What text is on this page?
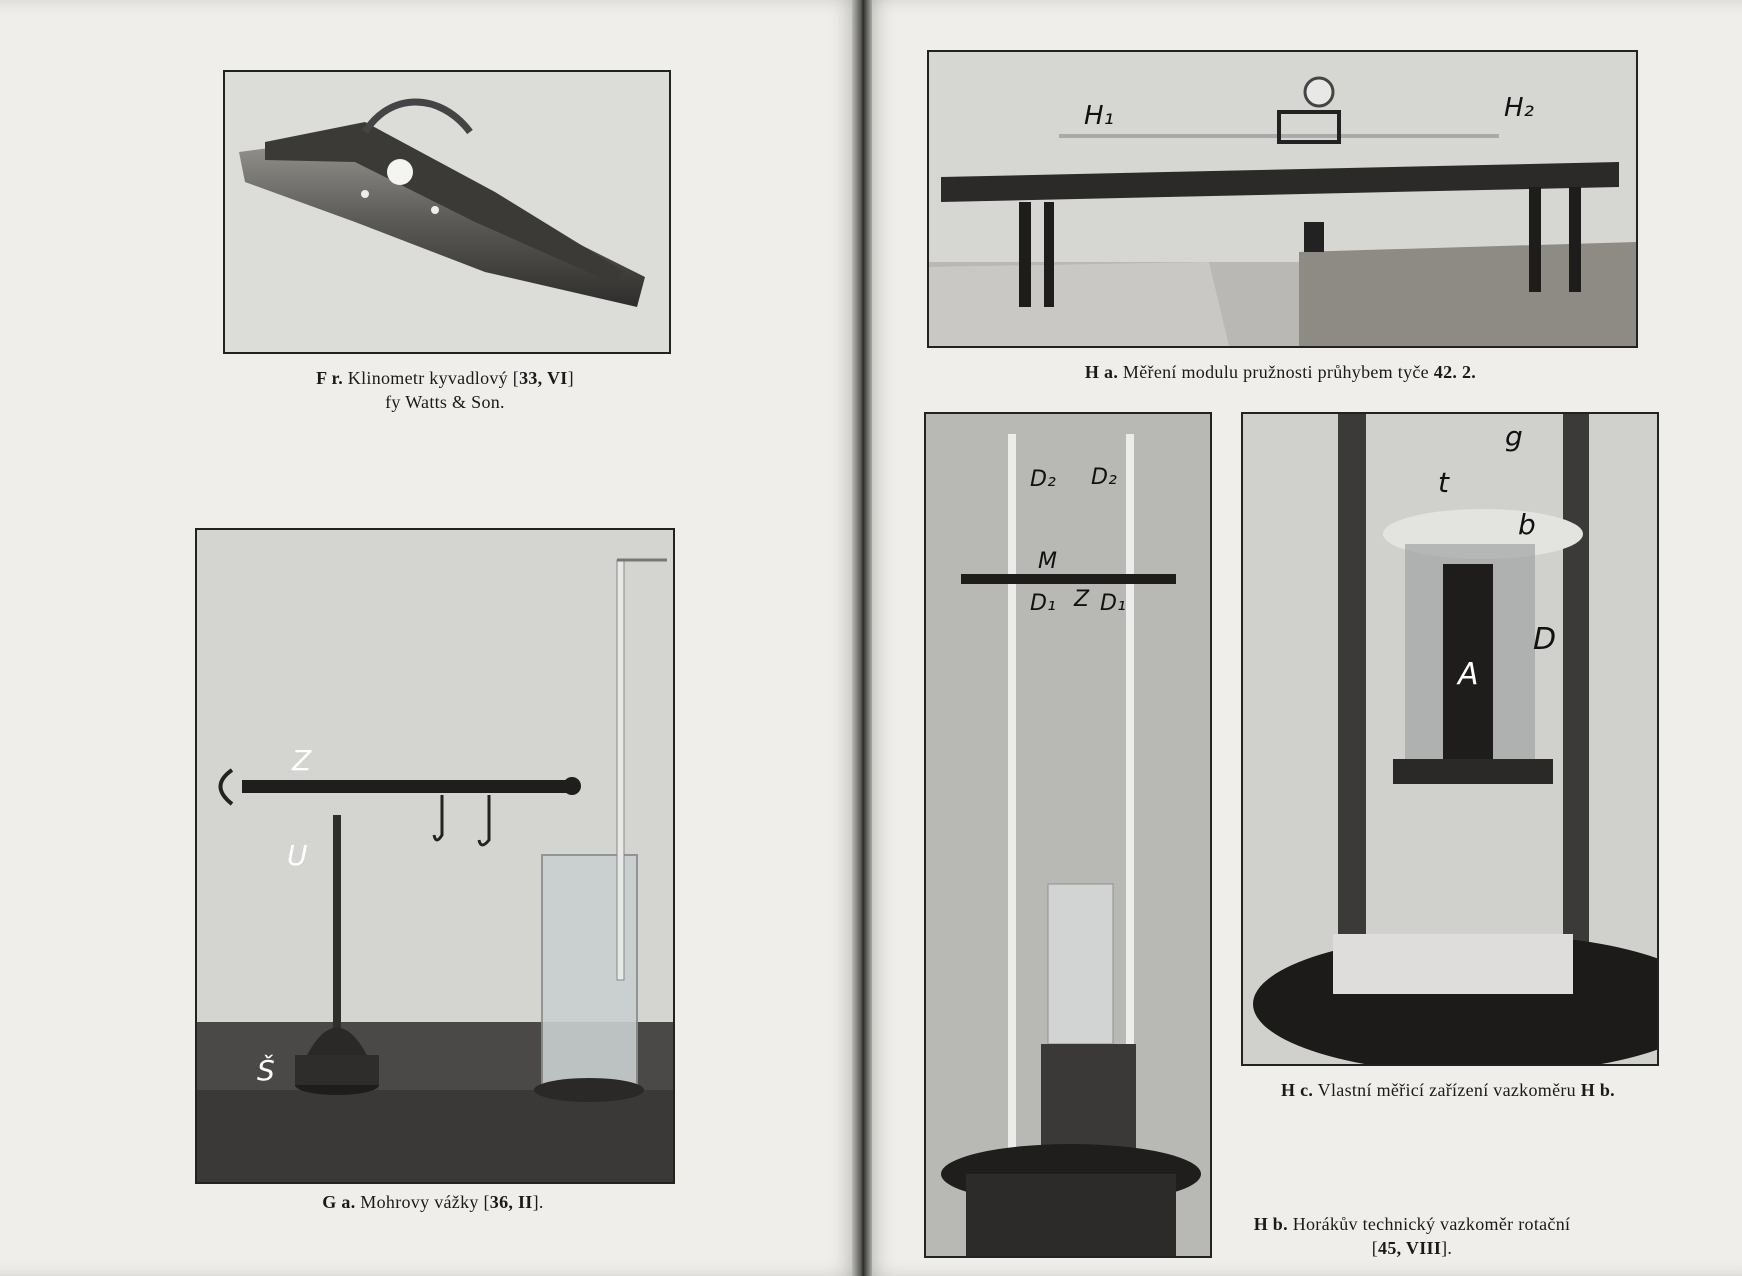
F r. Klinometr kyvadlový [33, VI]
fy Watts & Son.
Z
U
Š
G a. Mohrovy vážky [36, II].
H₁	H₂
H a. Měření modulu pružnosti průhybem tyče 42. 2.
D₂ D₂
M
Z
D₁ D₁
H b. Horákův technický vazkoměr rotační
[45, VIII].
g
t
b
D
A
H c. Vlastní měřicí zařízení vazkoměru H b.
